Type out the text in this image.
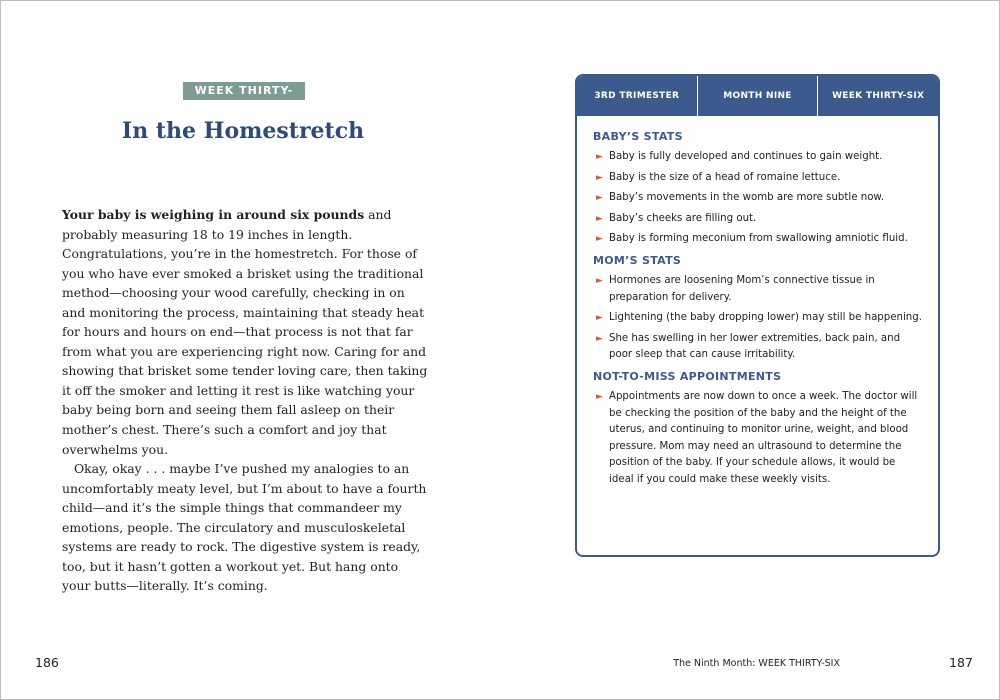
WEEK THIRTY-SIX
In the Homestretch

Your baby is weighing in around six pounds and probably measuring 18 to 19 inches in length. Congratulations, you’re in the homestretch. For those of you who have ever smoked a brisket using the traditional method—choosing your wood carefully, checking in on and monitoring the process, maintaining that steady heat for hours and hours on end—that process is not that far from what you are experiencing right now. Caring for and showing that brisket some tender loving care, then taking it off the smoker and letting it rest is like watching your baby being born and seeing them fall asleep on their mother’s chest. There’s such a comfort and joy that overwhelms you.

Okay, okay . . . maybe I’ve pushed my analogies to an uncomfortably meaty level, but I’m about to have a fourth child—and it’s the simple things that commandeer my emotions, people. The circulatory and musculoskeletal systems are ready to rock. The digestive system is ready, too, but it hasn’t gotten a workout yet. But hang onto your butts—literally. It’s coming.

186
3RD TRIMESTER	MONTH NINE	WEEK THIRTY-SIX
BABY’S STATS
► Baby is fully developed and continues to gain weight.
► Baby is the size of a head of romaine lettuce.
► Baby’s movements in the womb are more subtle now.
► Baby’s cheeks are filling out.
► Baby is forming meconium from swallowing amniotic fluid.
MOM’S STATS
► Hormones are loosening Mom’s connective tissue in preparation for delivery.
► Lightening (the baby dropping lower) may still be happening.
► She has swelling in her lower extremities, back pain, and poor sleep that can cause irritability.
NOT-TO-MISS APPOINTMENTS
► Appointments are now down to once a week. The doctor will be checking the position of the baby and the height of the uterus, and continuing to monitor urine, weight, and blood pressure. Mom may need an ultrasound to determine the position of the baby. If your schedule allows, it would be ideal if you could make these weekly visits.
The Ninth Month: WEEK THIRTY-SIX	187
